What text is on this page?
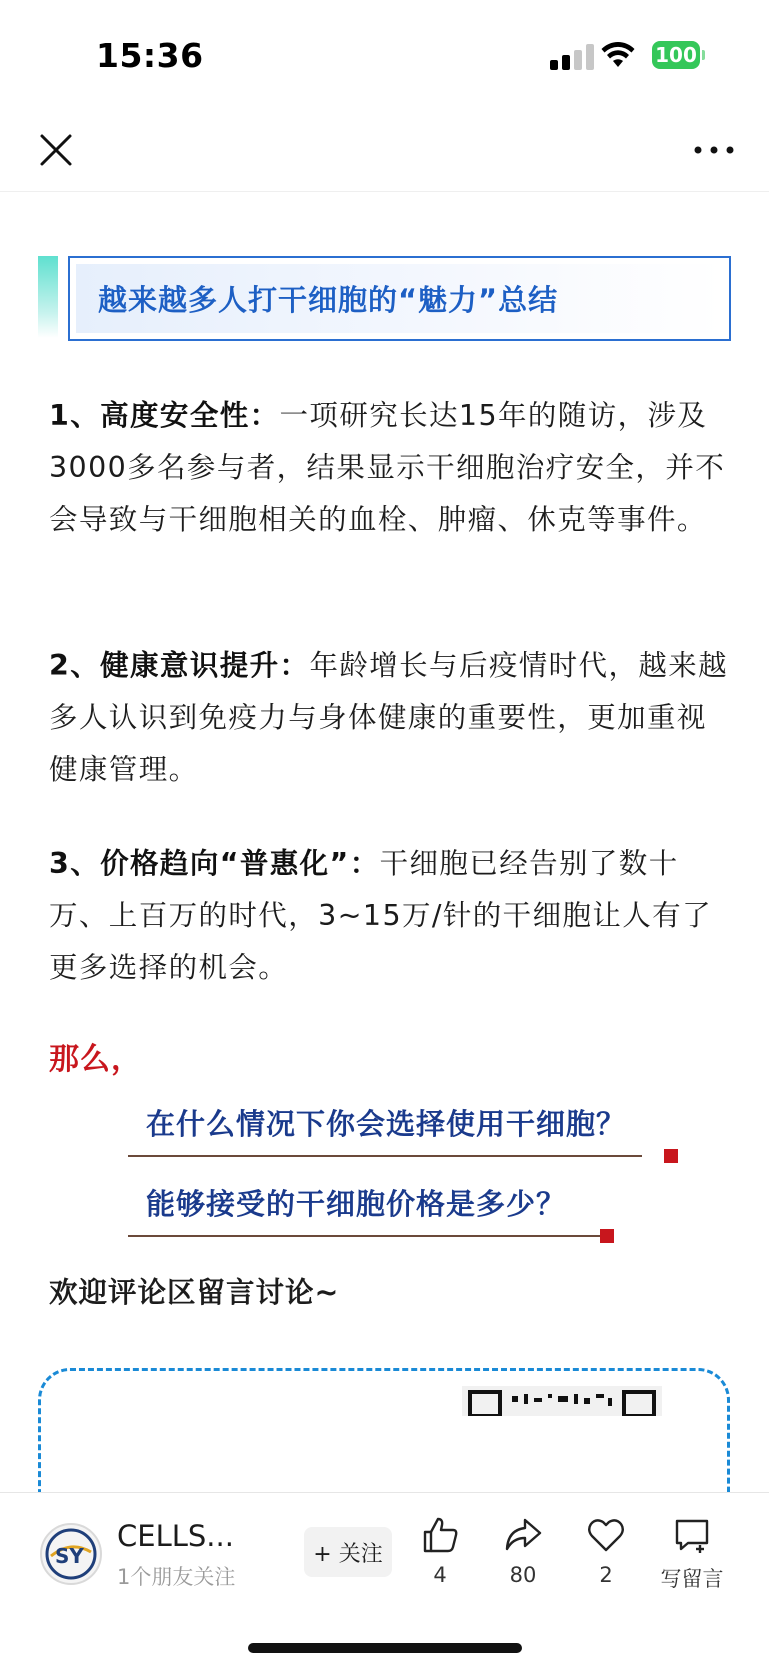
15:36	100
越来越多人打干细胞的“魅力”总结
1、高度安全性：一项研究长达15年的随访，涉及3000多名参与者，结果显示干细胞治疗安全，并不会导致与干细胞相关的血栓、肿瘤、休克等事件。
2、健康意识提升：年龄增长与后疫情时代，越来越多人认识到免疫力与身体健康的重要性，更加重视健康管理。
3、价格趋向“普惠化”：干细胞已经告别了数十万、上百万的时代，3~15万/针的干细胞让人有了更多选择的机会。
那么，
在什么情况下你会选择使用干细胞？
能够接受的干细胞价格是多少？
欢迎评论区留言讨论~
SY
CELLS...
1个朋友关注
+ 关注
4	80	2	写留言
